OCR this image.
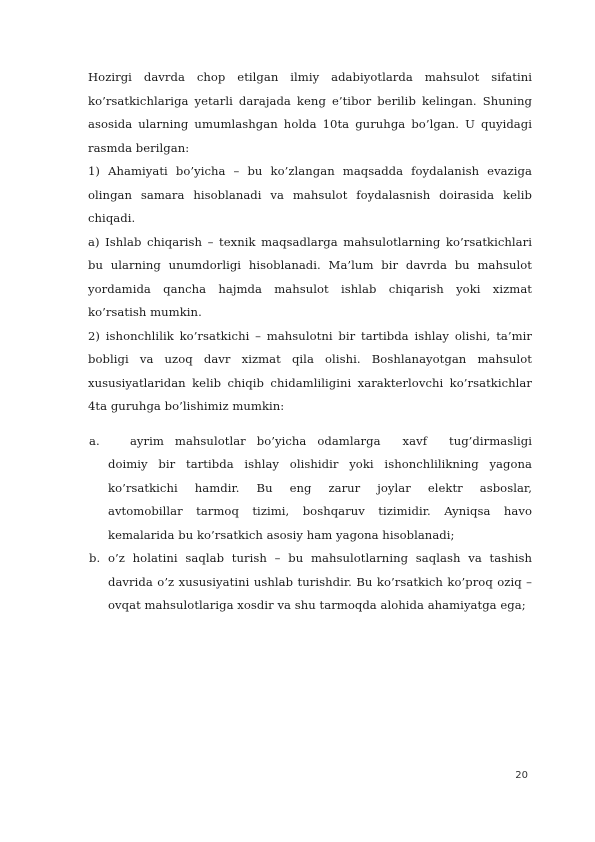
Hozirgi davrda chop etilgan ilmiy adabiyotlarda mahsulot sifatini ko’rsatkichlariga yetarli darajada keng e’tibor berilib kelingan. Shuning asosida ularning umumlashgan holda 10ta guruhga bo’lgan. U quyidagi rasmda berilgan:

1) Ahamiyati bo’yicha – bu ko’zlangan maqsadda foydalanish evaziga olingan samara hisoblanadi va mahsulot foydalasnish doirasida kelib chiqadi.

a) Ishlab chiqarish – texnik maqsadlarga mahsulotlarning ko’rsatkichlari bu ularning unumdorligi hisoblanadi. Ma’lum bir davrda bu mahsulot yordamida qancha hajmda mahsulot ishlab chiqarish yoki xizmat ko’rsatish mumkin.

2) ishonchlilik ko’rsatkichi – mahsulotni bir tartibda ishlay olishi, ta’mir bobligi va uzoq davr xizmat qila olishi. Boshlanayotgan mahsulot xususiyatlaridan kelib chiqib chidamliligini xarakterlovchi ko’rsatkichlar 4ta guruhga bo’lishimiz mumkin:

a. ayrim  mahsulotlar  bo’yicha  odamlarga    xavf    tug’dirmasligi doimiy  bir  tartibda  ishlay  olishidir  yoki  ishonchlilikning  yagona ko’rsatkichi  hamdir.  Bu  eng  zarur  joylar  elektr  asboslar, avtomobillar  tarmoq  tizimi,  boshqaruv  tizimidir.  Ayniqsa  havo kemalarida bu ko’rsatkich asosiy ham yagona hisoblanadi;
b. o’z holatini saqlab turish – bu mahsulotlarning saqlash va tashish davrida o’z xususiyatini ushlab turishdir. Bu ko’rsatkich ko’proq oziq – ovqat mahsulotlariga xosdir va shu tarmoqda alohida ahamiyatga ega;
20
